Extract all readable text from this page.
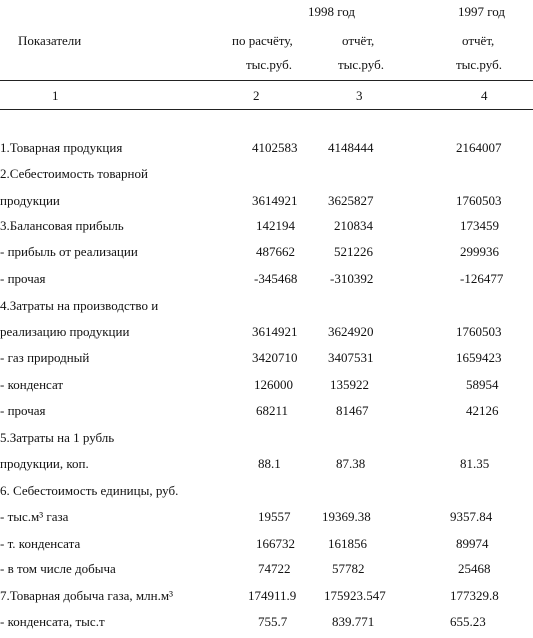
1998 год	1997 год
Показатели	по расчёту,	отчёт,	отчёт,
тыс.руб.	тыс.руб.	тыс.руб.
1	2	3	4
1.Товарная продукция	4102583 4148444	2164007
2.Себестоимость товарной
продукции	3614921 3625827	1760503
3.Балансовая прибыль	142194	210834	173459
- прибыль от реализации	487662	521226	299936
- прочая	-345468	-310392	-126477
4.Затраты на производство и
реализацию продукции	3614921 3624920	1760503
- газ природный	3420710 3407531	1659423
- конденсат	126000	135922	58954
- прочая	68211	81467	42126
5.Затраты на 1 рубль
продукции, коп.	88.1	87.38	81.35
6. Себестоимость единицы, руб.
- тыс.м³ газа	19557 19369.38	9357.84
- т. конденсата	166732	161856	89974
- в том числе добыча	74722	57782	25468
7.Товарная добыча газа, млн.м³	174911.9 175923.547	177329.8
- конденсата, тыс.т	755.7	839.771	655.23
